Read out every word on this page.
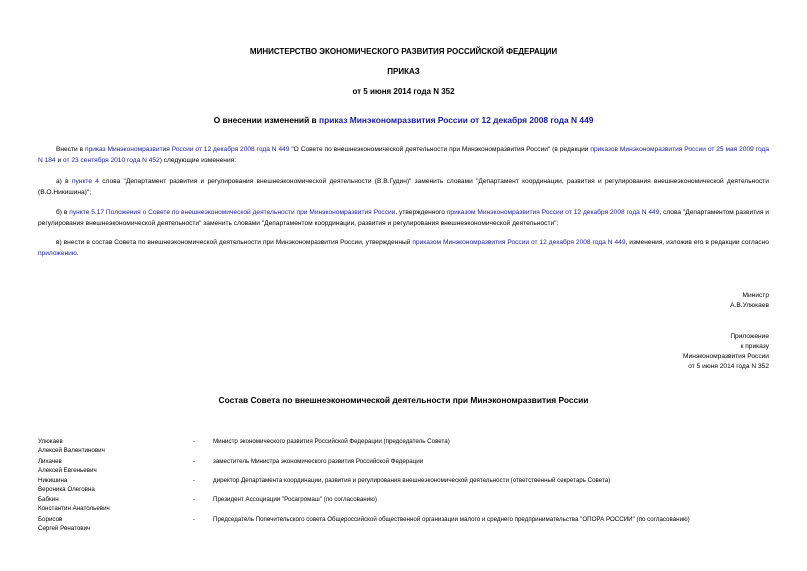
МИНИСТЕРСТВО ЭКОНОМИЧЕСКОГО РАЗВИТИЯ РОССИЙСКОЙ ФЕДЕРАЦИИ
ПРИКАЗ
от 5 июня 2014 года N 352
О внесении изменений в приказ Минэкономразвития России от 12 декабря 2008 года N 449
Внести в приказ Минэкономразвития России от 12 декабря 2008 года N 449 "О Совете по внешнеэкономической деятельности при Минэкономразвития России" (в редакции приказов Минэкономразвития России от 25 мая 2009 года N 184 и от 23 сентября 2010 года N 452) следующие изменения:
а) в пункте 4 слова "Департамент развития и регулирования внешнеэкономической деятельности (В.В.Гудин)" заменить словами "Департамент координации, развития и регулирования внешнеэкономической деятельности (В.О.Никишина)";
б) в пункте 5.17 Положения о Совете по внешнеэкономической деятельности при Минэкономразвития России, утвержденного приказом Минэкономразвития России от 12 декабря 2008 года N 449, слова "Департаментом развития и регулирования внешнеэкономической деятельности" заменить словами "Департаментом координации, развития и регулирования внешнеэкономической деятельности";
в) внести в состав Совета по внешнеэкономической деятельности при Минэкономразвития России, утвержденный приказом Минэкономразвития России от 12 декабря 2008 года N 449, изменения, изложив его в редакции согласно приложению.
Министр
А.В.Улюкаев
Приложение
к приказу
Минэкономразвития России
от 5 июня 2014 года N 352
Состав Совета по внешнеэкономической деятельности при Минэкономразвития России
Улюкаев
Алексей Валентинович
-	Министр экономического развития Российской Федерации (председатель Совета)
Лихачев
Алексей Евгеньевич
-	заместитель Министра экономического развития Российской Федерации
Никишина
Вероника Олеговна
-	директор Департамента координации, развития и регулирования внешнеэкономической деятельности (ответственный секретарь Совета)
Бабкин
Константин Анатольевич
-	Президент Ассоциации "Росагромаш" (по согласованию)
Борисов
Сергей Ренатович
-	Председатель Попечительского совета Общероссийской общественной организации малого и среднего предпринимательства "ОПОРА РОССИИ" (по согласованию)
